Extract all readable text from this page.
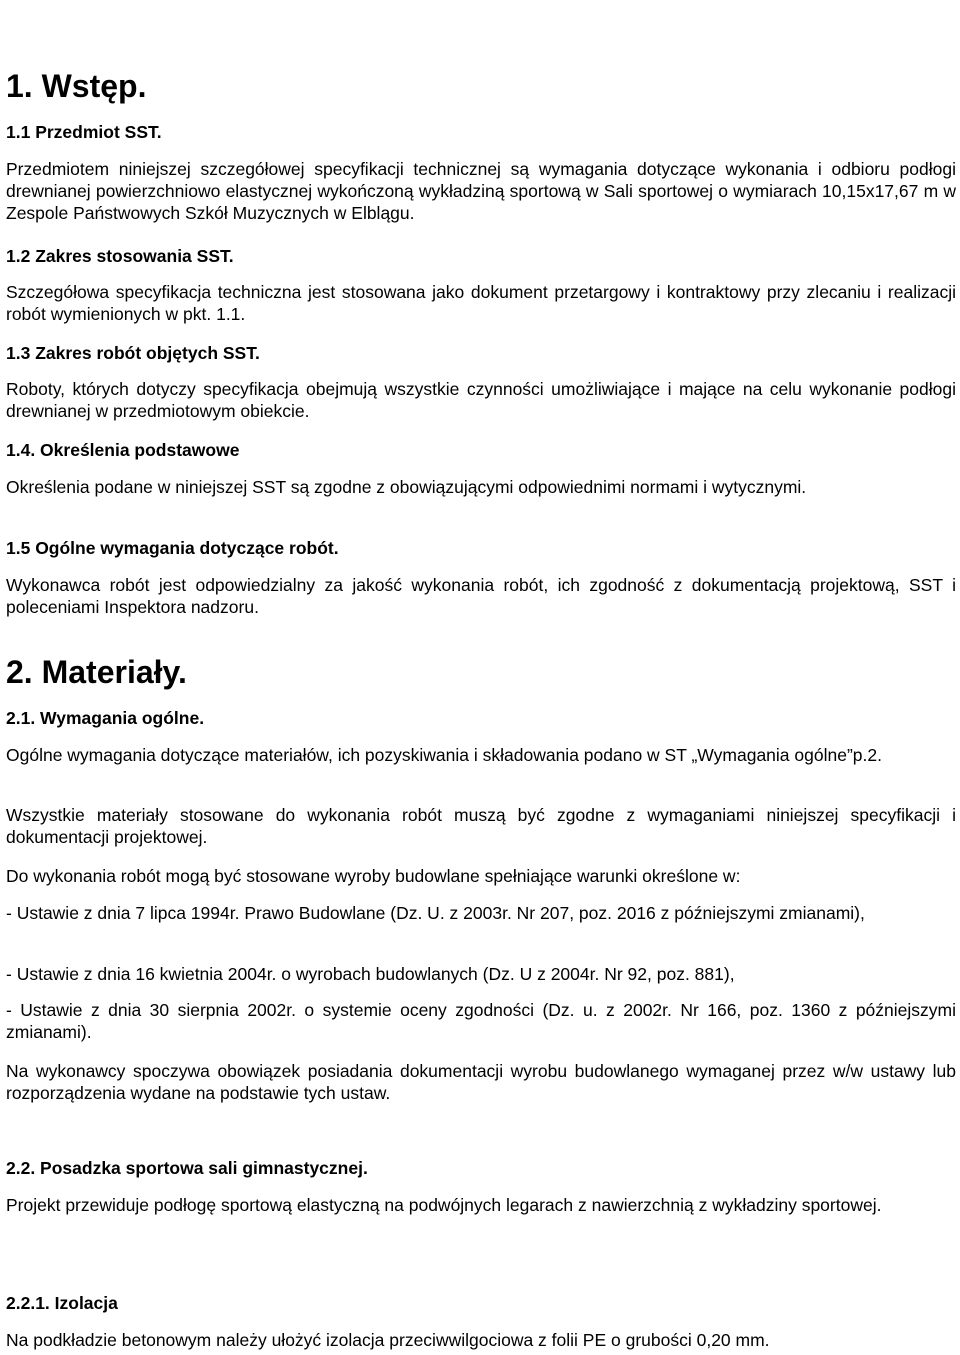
1. Wstęp.
1.1 Przedmiot SST.

Przedmiotem niniejszej szczegółowej specyfikacji technicznej są wymagania dotyczące wykonania i odbioru podłogi drewnianej powierzchniowo elastycznej wykończoną wykładziną sportową w Sali sportowej o wymiarach 10,15x17,67 m w Zespole Państwowych Szkół Muzycznych w Elblągu.

1.2 Zakres stosowania SST.

Szczegółowa specyfikacja techniczna jest stosowana jako dokument przetargowy i kontraktowy przy zlecaniu i realizacji robót wymienionych w pkt. 1.1.

1.3 Zakres robót objętych SST.

Roboty, których dotyczy specyfikacja obejmują wszystkie czynności umożliwiające i mające na celu wykonanie podłogi drewnianej w przedmiotowym obiekcie.

1.4. Określenia podstawowe

Określenia podane w niniejszej SST są zgodne z obowiązującymi odpowiednimi normami i wytycznymi.

1.5 Ogólne wymagania dotyczące robót.

Wykonawca robót jest odpowiedzialny za jakość wykonania robót, ich zgodność z dokumentacją projektową, SST i poleceniami Inspektora nadzoru.

2. Materiały.
2.1. Wymagania ogólne.

Ogólne wymagania dotyczące materiałów, ich pozyskiwania i składowania podano w ST „Wymagania ogólne”p.2.

Wszystkie materiały stosowane do wykonania robót muszą być zgodne z wymaganiami niniejszej specyfikacji i dokumentacji projektowej.

Do wykonania robót mogą być stosowane wyroby budowlane spełniające warunki określone w:

- Ustawie z dnia 7 lipca 1994r. Prawo Budowlane (Dz. U. z 2003r. Nr 207, poz. 2016 z późniejszymi zmianami),

- Ustawie z dnia 16 kwietnia 2004r. o wyrobach budowlanych (Dz. U z 2004r. Nr 92, poz. 881),

- Ustawie z dnia 30 sierpnia 2002r. o systemie oceny zgodności (Dz. u. z 2002r. Nr 166, poz. 1360 z późniejszymi zmianami).

Na wykonawcy spoczywa obowiązek posiadania dokumentacji wyrobu budowlanego wymaganej przez w/w ustawy lub rozporządzenia wydane na podstawie tych ustaw.

2.2. Posadzka sportowa sali gimnastycznej.

Projekt przewiduje podłogę sportową elastyczną na podwójnych legarach z nawierzchnią z wykładziny sportowej.

2.2.1. Izolacja

Na podkładzie betonowym należy ułożyć izolacja przeciwwilgociowa z folii PE o grubości 0,20 mm.
